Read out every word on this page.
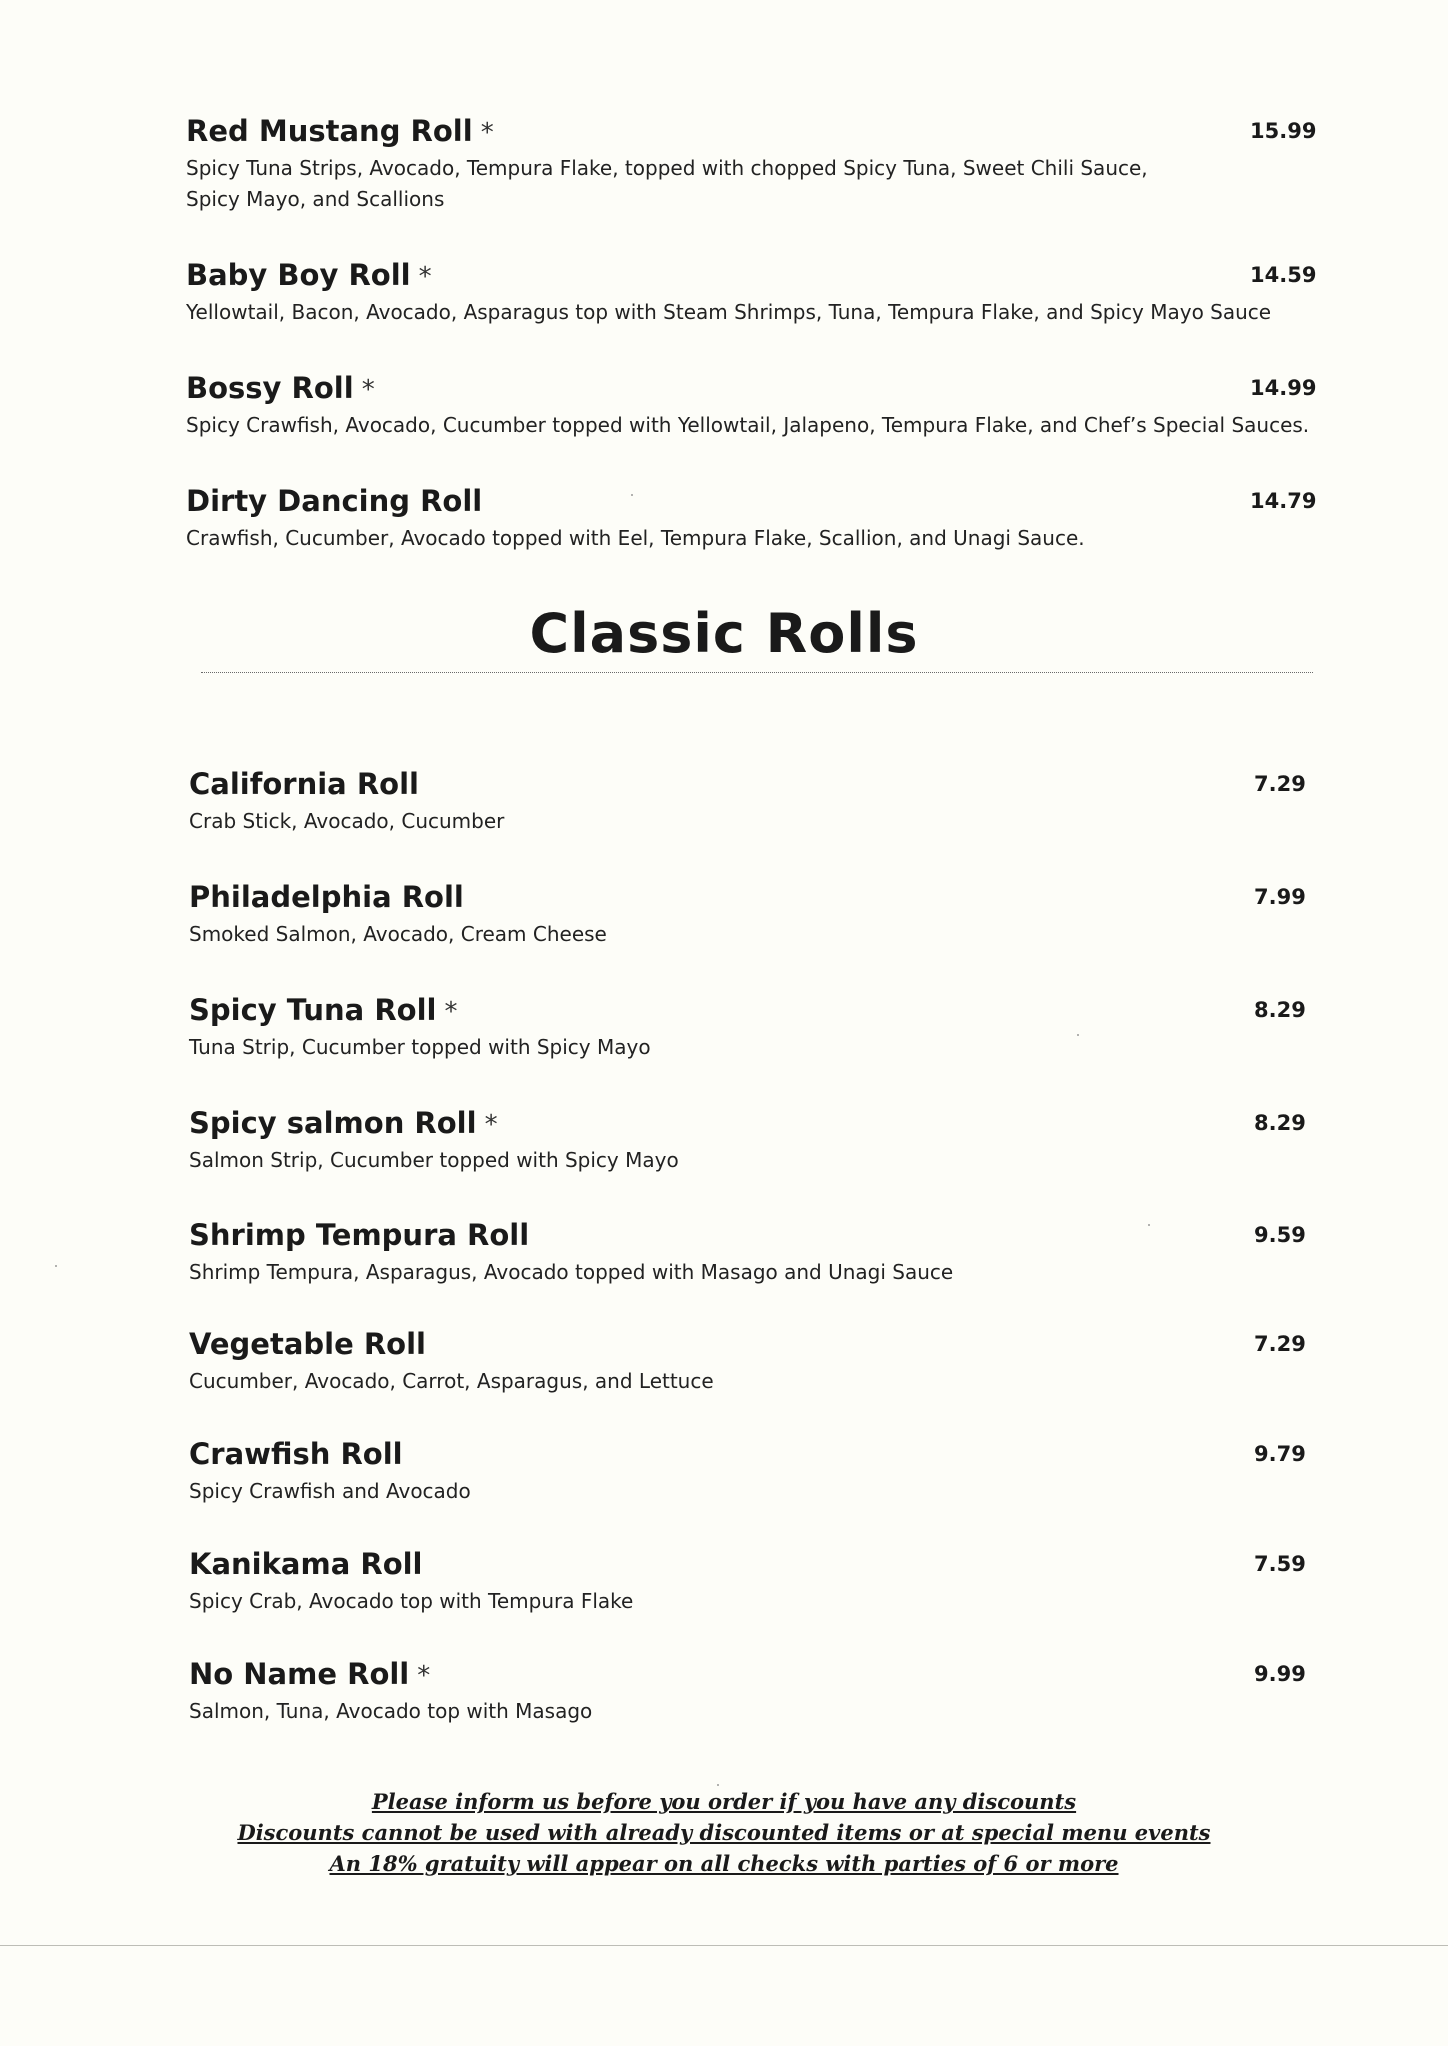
Red Mustang Roll *
Spicy Tuna Strips, Avocado, Tempura Flake, topped with chopped Spicy Tuna, Sweet Chili Sauce,
Spicy Mayo, and Scallions
15.99
Baby Boy Roll *
Yellowtail, Bacon, Avocado, Asparagus top with Steam Shrimps, Tuna, Tempura Flake, and Spicy Mayo Sauce
14.59
Bossy Roll *
Spicy Crawfish, Avocado, Cucumber topped with Yellowtail, Jalapeno, Tempura Flake, and Chef’s Special Sauces.
14.99
Dirty Dancing Roll
Crawfish, Cucumber, Avocado topped with Eel, Tempura Flake, Scallion, and Unagi Sauce.
14.79
Classic Rolls
California Roll
Crab Stick, Avocado, Cucumber
7.29
Philadelphia Roll
Smoked Salmon, Avocado, Cream Cheese
7.99
Spicy Tuna Roll *
Tuna Strip, Cucumber topped with Spicy Mayo
8.29
Spicy salmon Roll *
Salmon Strip, Cucumber topped with Spicy Mayo
8.29
Shrimp Tempura Roll
Shrimp Tempura, Asparagus, Avocado topped with Masago and Unagi Sauce
9.59
Vegetable Roll
Cucumber, Avocado, Carrot, Asparagus, and Lettuce
7.29
Crawfish Roll
Spicy Crawfish and Avocado
9.79
Kanikama Roll
Spicy Crab, Avocado top with Tempura Flake
7.59
No Name Roll *
Salmon, Tuna, Avocado top with Masago
9.99
Please inform us before you order if you have any discounts
Discounts cannot be used with already discounted items or at special menu events
An 18% gratuity will appear on all checks with parties of 6 or more
